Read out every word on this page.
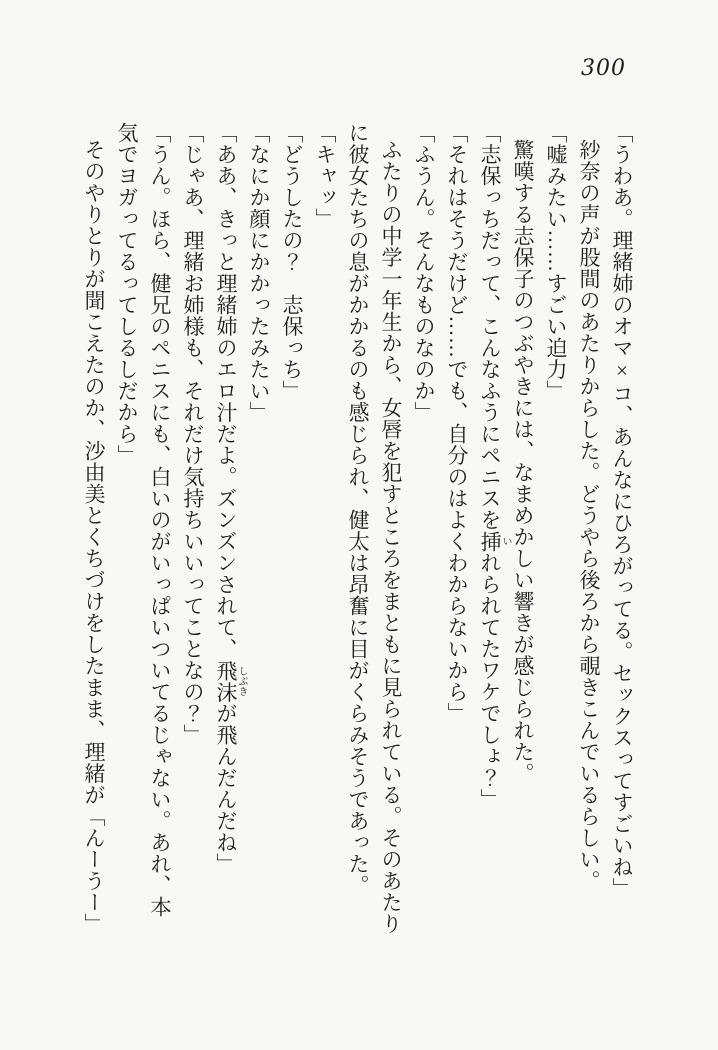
300

「うわあ。理緒姉のオマ×コ、あんなにひろがってる。セックスってすごいね」

紗奈の声が股間のあたりからした。どうやら後ろから覗きこんでいるらしい。

「嘘みたい……すごい迫力」

驚嘆する志保子のつぶやきには、なまめかしい響きが感じられた。

「志保っちだって、こんなふうにペニスを挿
い
れられてたワケでしょ？」

「それはそうだけど……でも、自分のはよくわからないから」

「ふうん。そんなものなのか」

ふたりの中学一年生から、女唇を犯すところをまともに見られている。そのあたりに彼女たちの息がかかるのも感じられ、健太は昂奮に目がくらみそうであった。

「キャッ」

「どうしたの？　志保っち」

「なにか顔にかかったみたい」

「ああ、きっと理緒姉のエロ汁だよ。ズンズンされて、飛沫
しぶき
が飛んだんだね」

「じゃあ、理緒お姉様も、それだけ気持ちいいってことなの？」

「うん。ほら、健兄のペニスにも、白いのがいっぱいついてるじゃない。あれ、本気でヨガってるってしるしだから」

そのやりとりが聞こえたのか、沙由美とくちづけをしたまま、理緒が「んーうー」
